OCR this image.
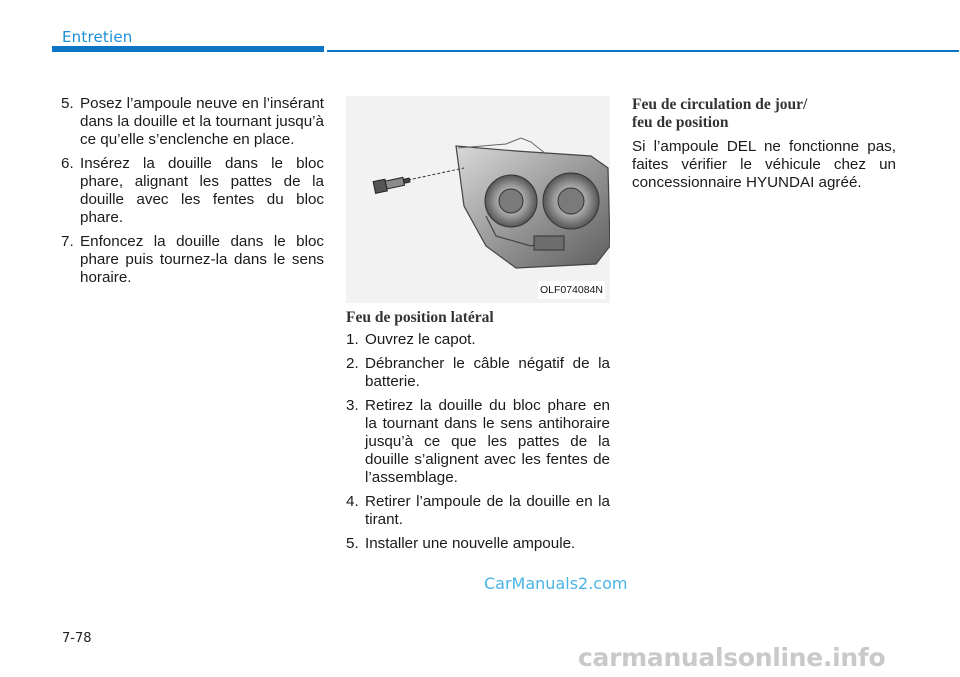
Entretien
5. Posez l’ampoule neuve en l’insérant dans la douille et la tournant jusqu’à ce qu’elle s’enclenche en place.
6. Insérez la douille dans le bloc phare, alignant les pattes de la douille avec les fentes du bloc phare.
7. Enfoncez la douille dans le bloc phare puis tournez-la dans le sens horaire.
OLF074084N
Feu de position latéral
1. Ouvrez le capot.
2. Débrancher le câble négatif de la batterie.
3. Retirez la douille du bloc phare en la tournant dans le sens antihoraire jusqu’à ce que les pattes de la douille s’alignent avec les fentes de l’assemblage.
4. Retirer l’ampoule de la douille en la tirant.
5. Installer une nouvelle ampoule.
Feu de circulation de jour/
feu de position

Si l’ampoule DEL ne fonctionne pas, faites vérifier le véhicule chez un concessionnaire HYUNDAI agréé.

CarManuals2.com
7-78
carmanualsonline.info
